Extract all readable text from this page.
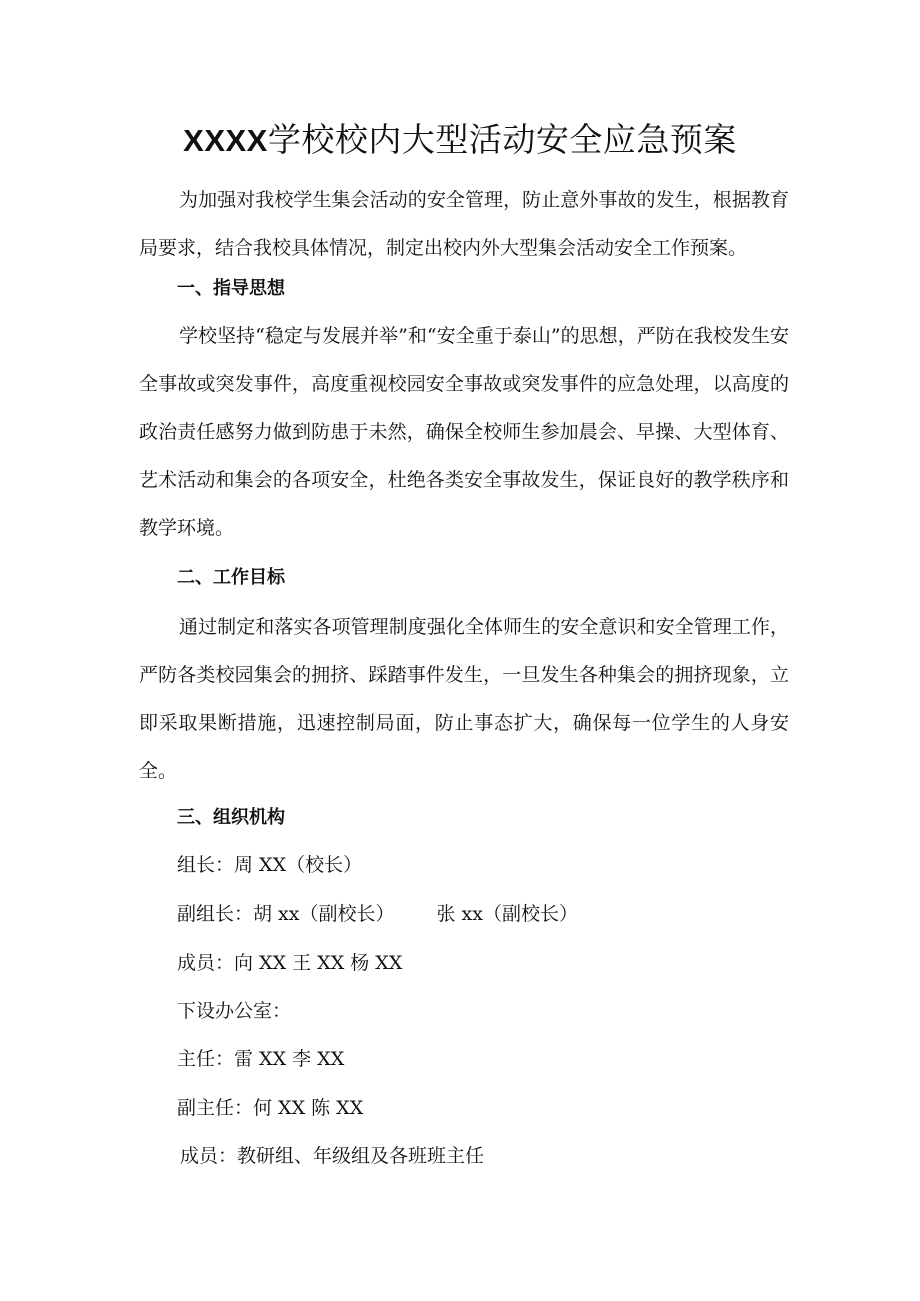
XXXX学校校内大型活动安全应急预案

为加强对我校学生集会活动的安全管理，防止意外事故的发生，根据教育局要求，结合我校具体情况，制定出校内外大型集会活动安全工作预案。

一、指导思想

学校坚持“稳定与发展并举”和“安全重于泰山”的思想，严防在我校发生安全事故或突发事件，高度重视校园安全事故或突发事件的应急处理，以高度的政治责任感努力做到防患于未然，确保全校师生参加晨会、早操、大型体育、艺术活动和集会的各项安全，杜绝各类安全事故发生，保证良好的教学秩序和教学环境。

二、工作目标

通过制定和落实各项管理制度强化全体师生的安全意识和安全管理工作，严防各类校园集会的拥挤、踩踏事件发生，一旦发生各种集会的拥挤现象，立即采取果断措施，迅速控制局面，防止事态扩大，确保每一位学生的人身安全。

三、组织机构
组长：周 XX（校长）
副组长：胡 xx（副校长） 张 xx（副校长）
成员：向 XX 王 XX 杨 XX
下设办公室：
主任：雷 XX 李 XX
副主任：何 XX 陈 XX
成员：教研组、年级组及各班班主任
